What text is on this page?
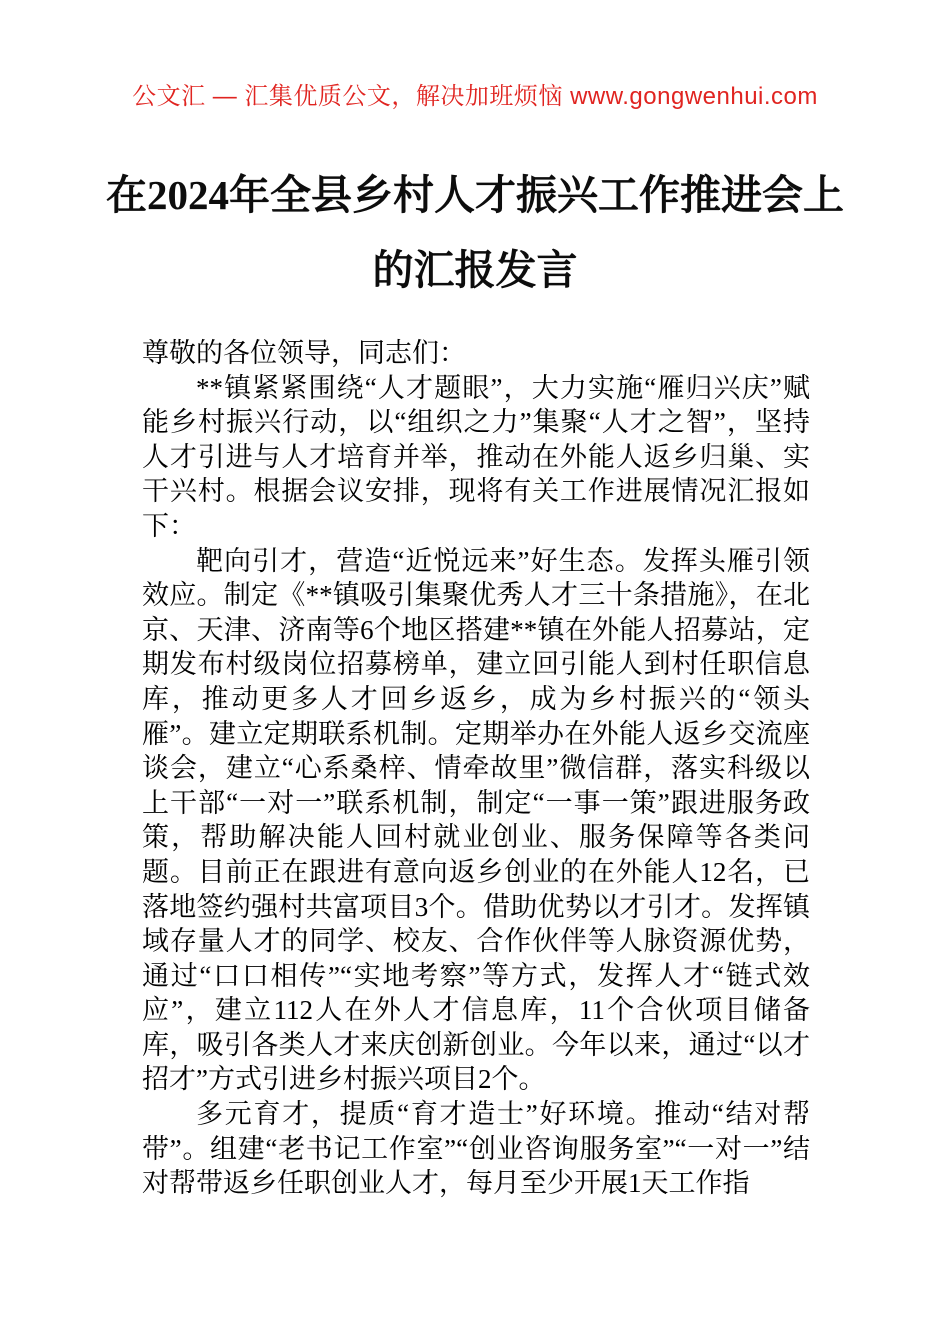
公文汇 — 汇集优质公文，解决加班烦恼 www.gongwenhui.com
在2024年全县乡村人才振兴工作推进会上的汇报发言

尊敬的各位领导，同志们：

**镇紧紧围绕“人才题眼”，大力实施“雁归兴庆”赋能乡村振兴行动，以“组织之力”集聚“人才之智”，坚持人才引进与人才培育并举，推动在外能人返乡归巢、实干兴村。根据会议安排，现将有关工作进展情况汇报如下：

靶向引才，营造“近悦远来”好生态。发挥头雁引领效应。制定《**镇吸引集聚优秀人才三十条措施》，在北京、天津、济南等6个地区搭建**镇在外能人招募站，定期发布村级岗位招募榜单，建立回引能人到村任职信息库，推动更多人才回乡返乡，成为乡村振兴的“领头雁”。建立定期联系机制。定期举办在外能人返乡交流座谈会，建立“心系桑梓、情牵故里”微信群，落实科级以上干部“一对一”联系机制，制定“一事一策”跟进服务政策，帮助解决能人回村就业创业、服务保障等各类问题。目前正在跟进有意向返乡创业的在外能人12名，已落地签约强村共富项目3个。借助优势以才引才。发挥镇域存量人才的同学、校友、合作伙伴等人脉资源优势，通过“口口相传”“实地考察”等方式，发挥人才“链式效应”，建立112人在外人才信息库，11个合伙项目储备库，吸引各类人才来庆创新创业。今年以来，通过“以才招才”方式引进乡村振兴项目2个。

多元育才，提质“育才造士”好环境。推动“结对帮带”。组建“老书记工作室”“创业咨询服务室”“一对一”结对帮带返乡任职创业人才，每月至少开展1天工作指
